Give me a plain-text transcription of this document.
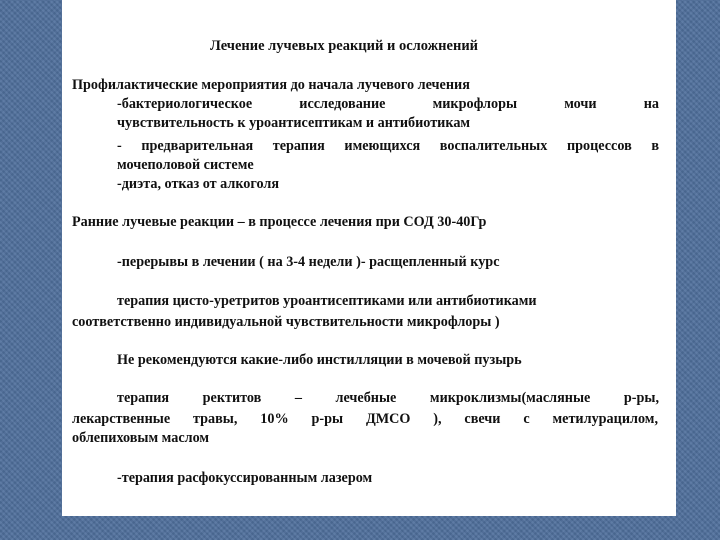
Лечение лучевых реакций и осложнений
Профилактические мероприятия до начала лучевого лечения
-бактериологическое исследование микрофлоры мочи на
чувствительность к уроантисептикам и антибиотикам
- предварительная терапия имеющихся воспалительных процессов в
мочеполовой системе
-диэта, отказ от алкоголя
Ранние лучевые реакции – в процессе лечения при СОД 30-40Гр
-перерывы в лечении ( на 3-4 недели )- расщепленный курс
терапия цисто-уретритов уроантисептиками или антибиотиками
соответственно индивидуальной чувствительности микрофлоры )
Не рекомендуются какие-либо инстилляции в мочевой пузырь
терапия ректитов – лечебные микроклизмы(масляные р-ры,
лекарственные травы, 10% р-ры ДМСО ), свечи с метилурацилом,
облепиховым маслом
-терапия расфокуссированным лазером
